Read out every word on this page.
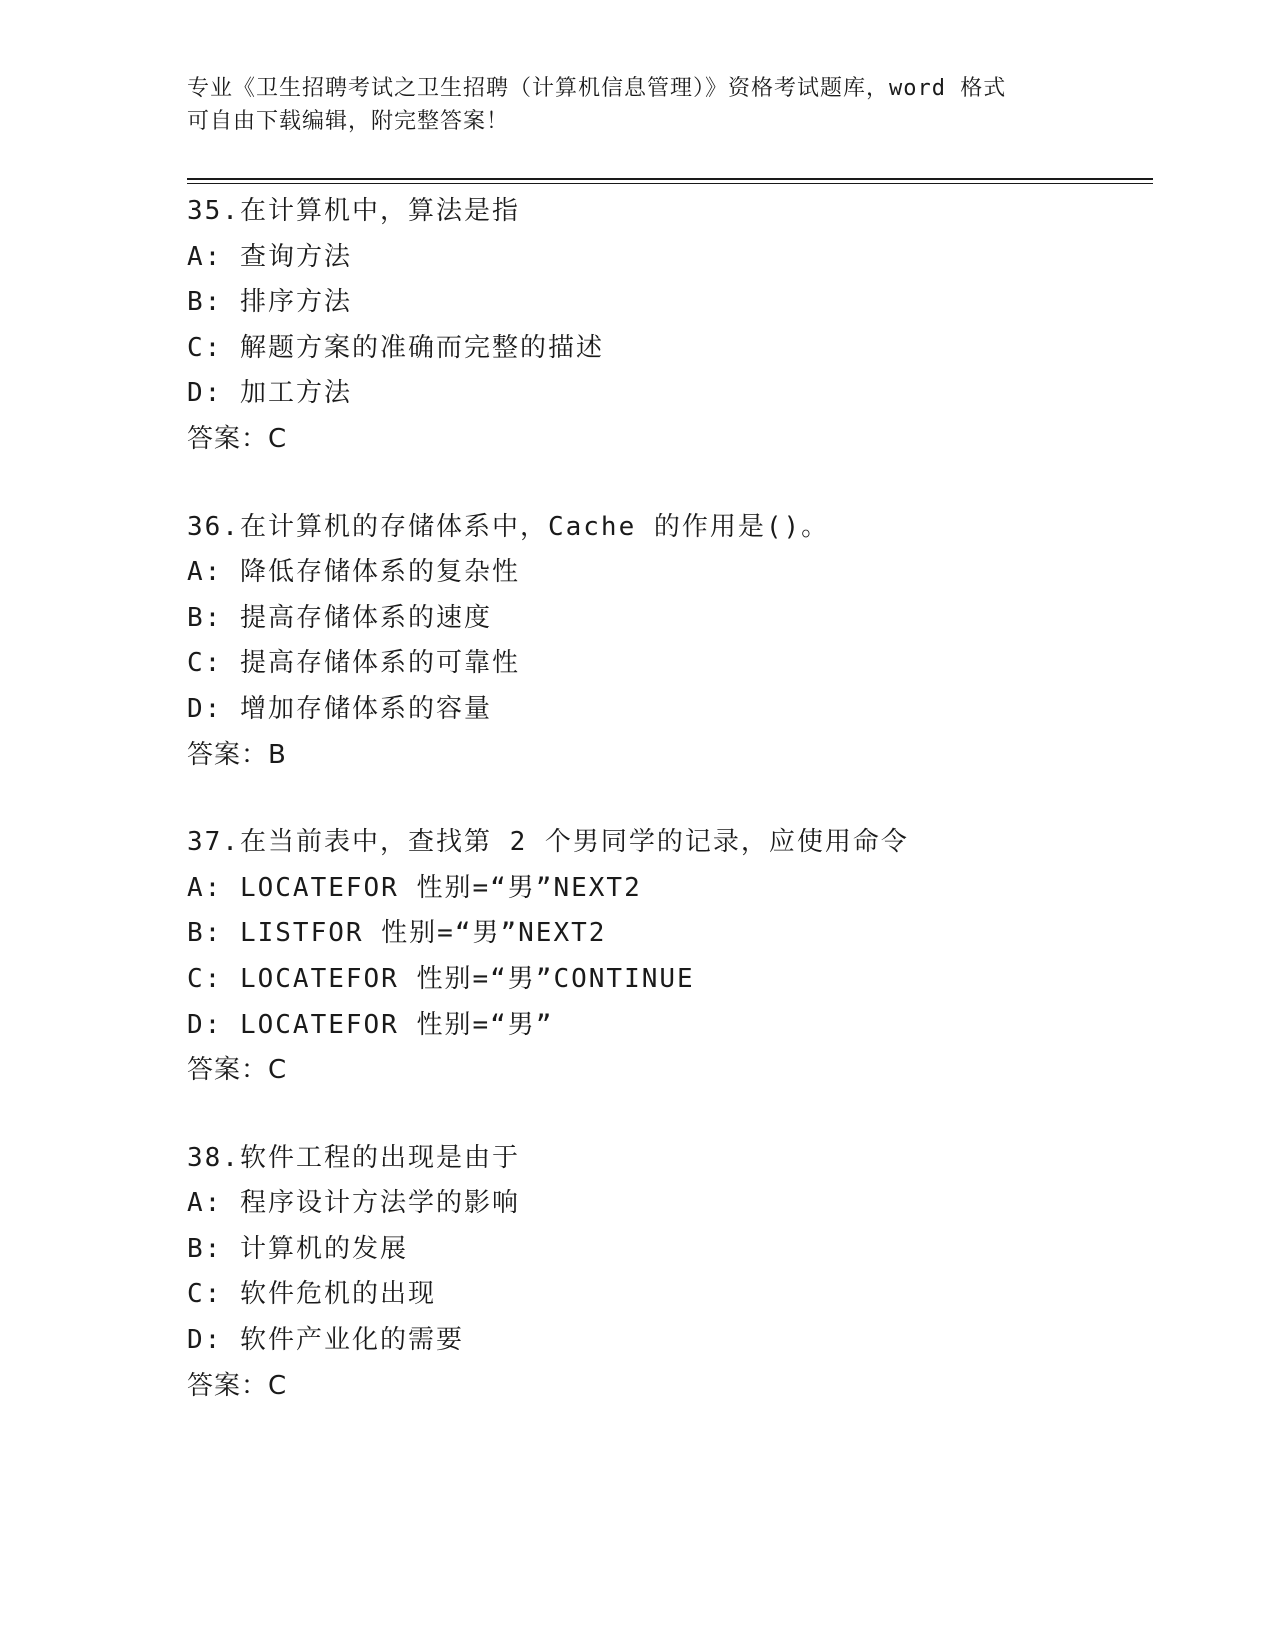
专业《卫生招聘考试之卫生招聘（计算机信息管理）》资格考试题库，word 格式

可自由下载编辑，附完整答案！

35.在计算机中，算法是指
A: 查询方法
B: 排序方法
C: 解题方案的准确而完整的描述
D: 加工方法
答案：C
36.在计算机的存储体系中，Cache 的作用是()。
A: 降低存储体系的复杂性
B: 提高存储体系的速度
C: 提高存储体系的可靠性
D: 增加存储体系的容量
答案：B
37.在当前表中，查找第 2 个男同学的记录，应使用命令
A: LOCATEFOR 性别=“男”NEXT2
B: LISTFOR 性别=“男”NEXT2
C: LOCATEFOR 性别=“男”CONTINUE
D: LOCATEFOR 性别=“男”
答案：C
38.软件工程的出现是由于
A: 程序设计方法学的影响
B: 计算机的发展
C: 软件危机的出现
D: 软件产业化的需要
答案：C
